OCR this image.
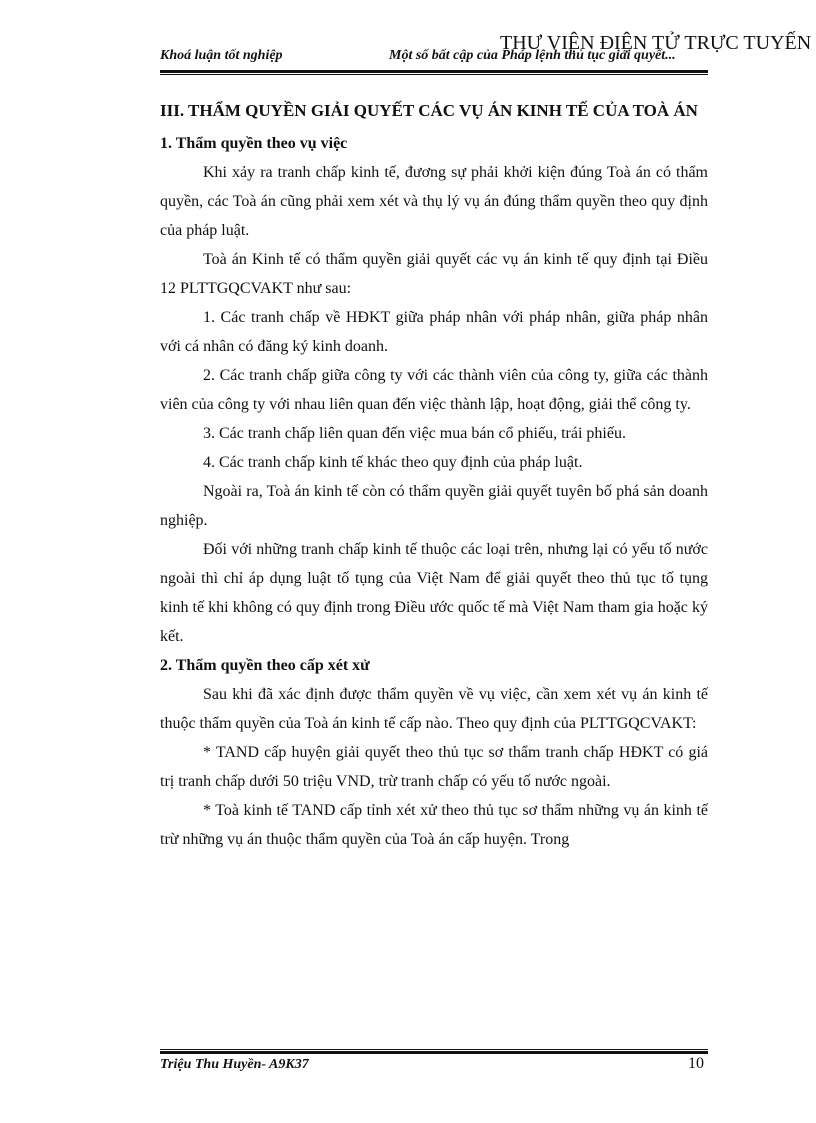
Khoá luận tốt nghiệp	Một số bất cập của Pháp lệnh thủ tục giải quyết...
THƯ VIỆN ĐIỆN TỬ TRỰC TUYẾN
III. THẨM QUYỀN GIẢI QUYẾT CÁC VỤ ÁN KINH TẾ CỦA TOÀ ÁN
1. Thẩm quyền theo vụ việc

Khi xảy ra tranh chấp kinh tế, đương sự phải khởi kiện đúng Toà án có thẩm quyền, các Toà án cũng phải xem xét và thụ lý vụ án đúng thẩm quyền theo quy định của pháp luật.

Toà án Kinh tế có thẩm quyền giải quyết các vụ án kinh tế quy định tại Điều 12 PLTTGQCVAKT như sau:

1. Các tranh chấp về HĐKT giữa pháp nhân với pháp nhân, giữa pháp nhân với cá nhân có đăng ký kinh doanh.

2. Các tranh chấp giữa công ty với các thành viên của công ty, giữa các thành viên của công ty với nhau liên quan đến việc thành lập, hoạt động, giải thể công ty.

3. Các tranh chấp liên quan đến việc mua bán cổ phiếu, trái phiếu.

4. Các tranh chấp kinh tế khác theo quy định của pháp luật.

Ngoài ra, Toà án kinh tế còn có thẩm quyền giải quyết tuyên bố phá sản doanh nghiệp.

Đối với những tranh chấp kinh tế thuộc các loại trên, nhưng lại có yếu tố nước ngoài thì chỉ áp dụng luật tố tụng của Việt Nam để giải quyết theo thủ tục tố tụng kinh tế khi không có quy định trong Điều ước quốc tế mà Việt Nam tham gia hoặc ký kết.

2. Thẩm quyền theo cấp xét xử

Sau khi đã xác định được thẩm quyền về vụ việc, cần xem xét vụ án kinh tế thuộc thẩm quyền của Toà án kinh tế cấp nào. Theo quy định của PLTTGQCVAKT:

* TAND cấp huyện giải quyết theo thủ tục sơ thẩm tranh chấp HĐKT có giá trị tranh chấp dưới 50 triệu VND, trừ tranh chấp có yếu tố nước ngoài.

* Toà kinh tế TAND cấp tỉnh xét xử theo thủ tục sơ thẩm những vụ án kinh tế trừ những vụ án thuộc thẩm quyền của Toà án cấp huyện. Trong

Triệu Thu Huyền- A9K37	10
